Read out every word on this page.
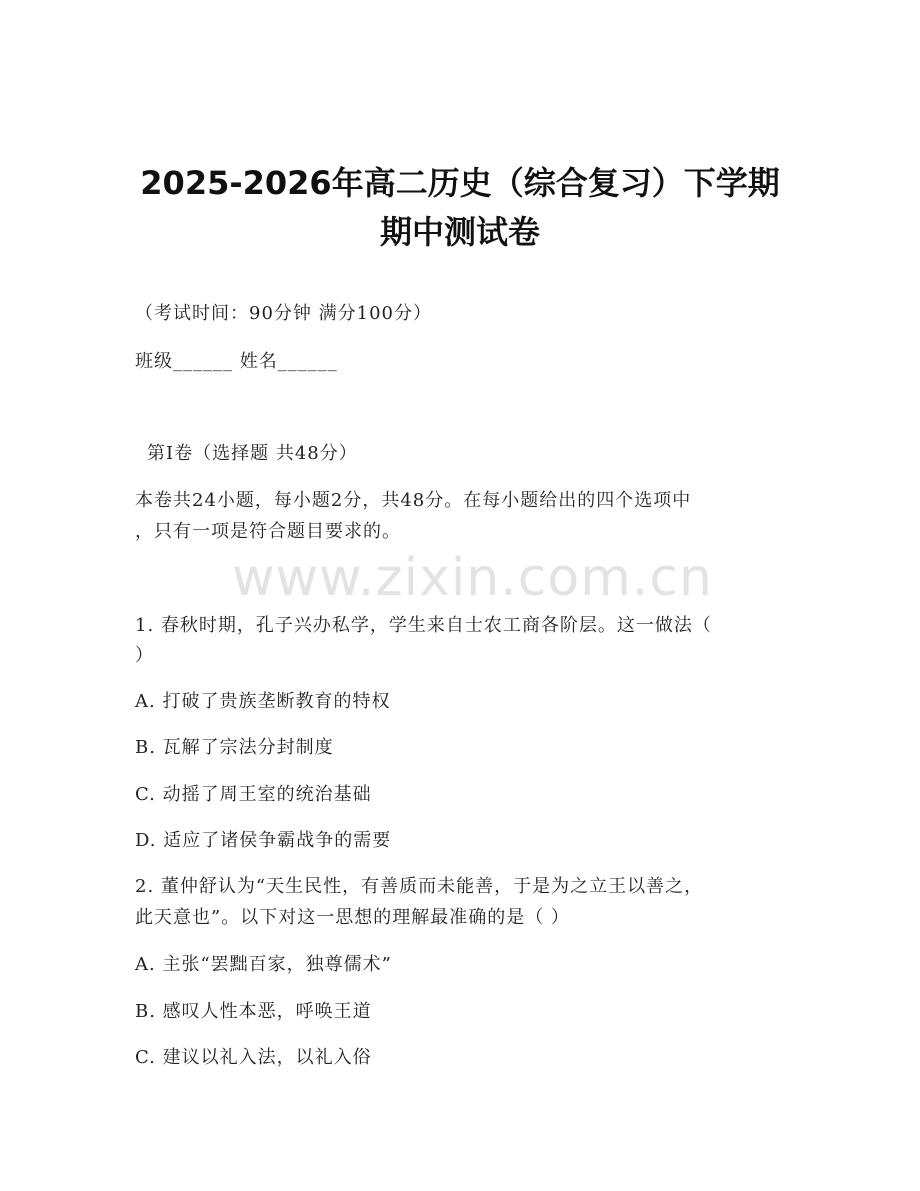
2025-2026年高二历史（综合复习）下学期
期中测试卷
（考试时间：90分钟 满分100分）
班级______ 姓名______
第I卷（选择题 共48分）
本卷共24小题，每小题2分，共48分。在每小题给出的四个选项中
，只有一项是符合题目要求的。
www.zixin.com.cn
1. 春秋时期，孔子兴办私学，学生来自士农工商各阶层。这一做法（
）
A. 打破了贵族垄断教育的特权
B. 瓦解了宗法分封制度
C. 动摇了周王室的统治基础
D. 适应了诸侯争霸战争的需要
2. 董仲舒认为“天生民性，有善质而未能善，于是为之立王以善之，
此天意也”。以下对这一思想的理解最准确的是（ ）
A. 主张“罢黜百家，独尊儒术”
B. 感叹人性本恶，呼唤王道
C. 建议以礼入法，以礼入俗
